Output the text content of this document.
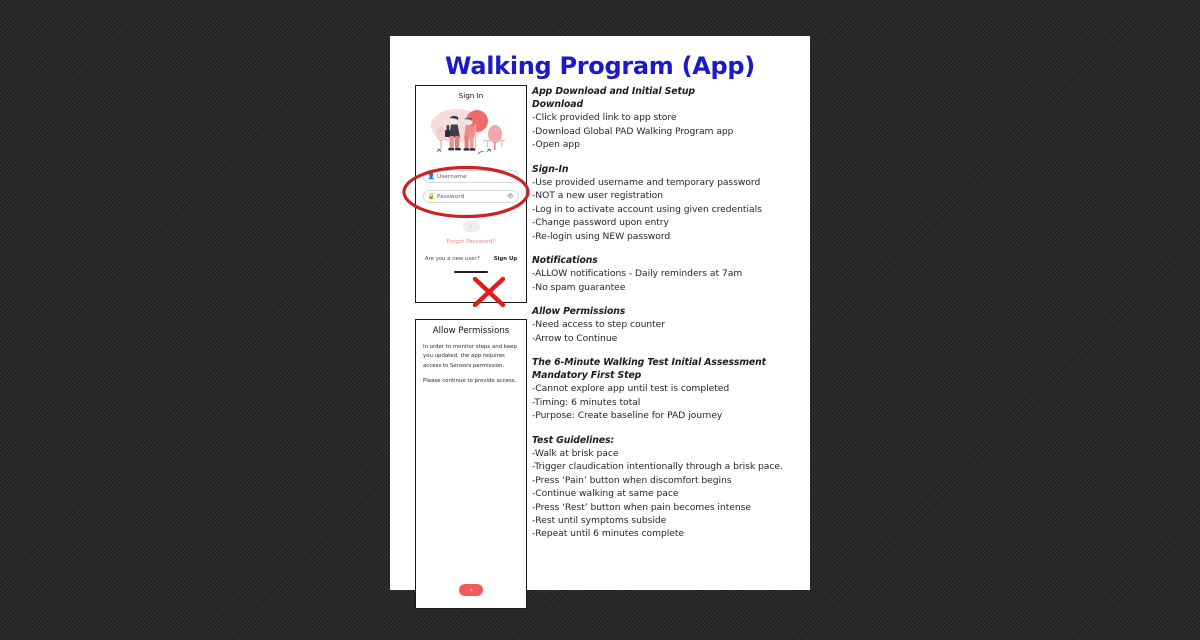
Walking Program (App)
Sign In
👤 Username
🔒 Password	👁
›
Forgot Password?
Are you a new user?	Sign Up
Allow Permissions

In order to monitor steps and keep you updated, the app requires access to Sensors permission.

Please continue to provide access.

›
App Download and Initial Setup
Download
-Click provided link to app store
-Download Global PAD Walking Program app
-Open app
Sign-In
-Use provided username and temporary password
-NOT a new user registration
-Log in to activate account using given credentials
-Change password upon entry
-Re-login using NEW password
Notifications
-ALLOW notifications - Daily reminders at 7am
-No spam guarantee
Allow Permissions
-Need access to step counter
-Arrow to Continue
The 6-Minute Walking Test Initial Assessment
Mandatory First Step
-Cannot explore app until test is completed
-Timing: 6 minutes total
-Purpose: Create baseline for PAD journey
Test Guidelines:
-Walk at brisk pace
-Trigger claudication intentionally through a brisk pace.
-Press ‘Pain’ button when discomfort begins
-Continue walking at same pace
-Press ‘Rest’ button when pain becomes intense
-Rest until symptoms subside
-Repeat until 6 minutes complete
